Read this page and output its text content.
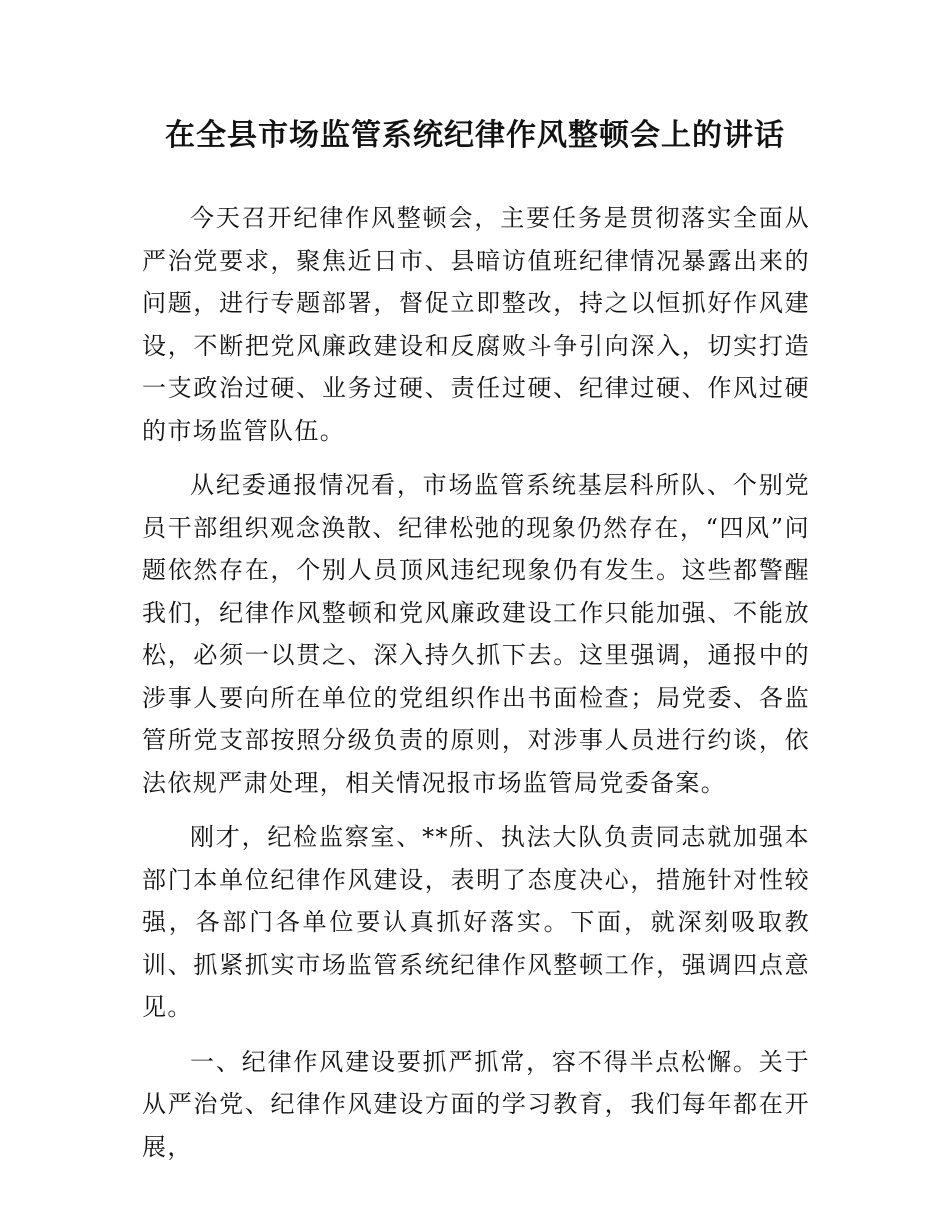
在全县市场监管系统纪律作风整顿会上的讲话

今天召开纪律作风整顿会，主要任务是贯彻落实全面从严治党要求，聚焦近日市、县暗访值班纪律情况暴露出来的问题，进行专题部署，督促立即整改，持之以恒抓好作风建设，不断把党风廉政建设和反腐败斗争引向深入，切实打造一支政治过硬、业务过硬、责任过硬、纪律过硬、作风过硬的市场监管队伍。

从纪委通报情况看，市场监管系统基层科所队、个别党员干部组织观念涣散、纪律松弛的现象仍然存在，“四风”问题依然存在，个别人员顶风违纪现象仍有发生。这些都警醒我们，纪律作风整顿和党风廉政建设工作只能加强、不能放松，必须一以贯之、深入持久抓下去。这里强调，通报中的涉事人要向所在单位的党组织作出书面检查；局党委、各监管所党支部按照分级负责的原则，对涉事人员进行约谈，依法依规严肃处理，相关情况报市场监管局党委备案。

刚才，纪检监察室、**所、执法大队负责同志就加强本部门本单位纪律作风建设，表明了态度决心，措施针对性较强，各部门各单位要认真抓好落实。下面，就深刻吸取教训、抓紧抓实市场监管系统纪律作风整顿工作，强调四点意见。

一、纪律作风建设要抓严抓常，容不得半点松懈。关于从严治党、纪律作风建设方面的学习教育，我们每年都在开展，
